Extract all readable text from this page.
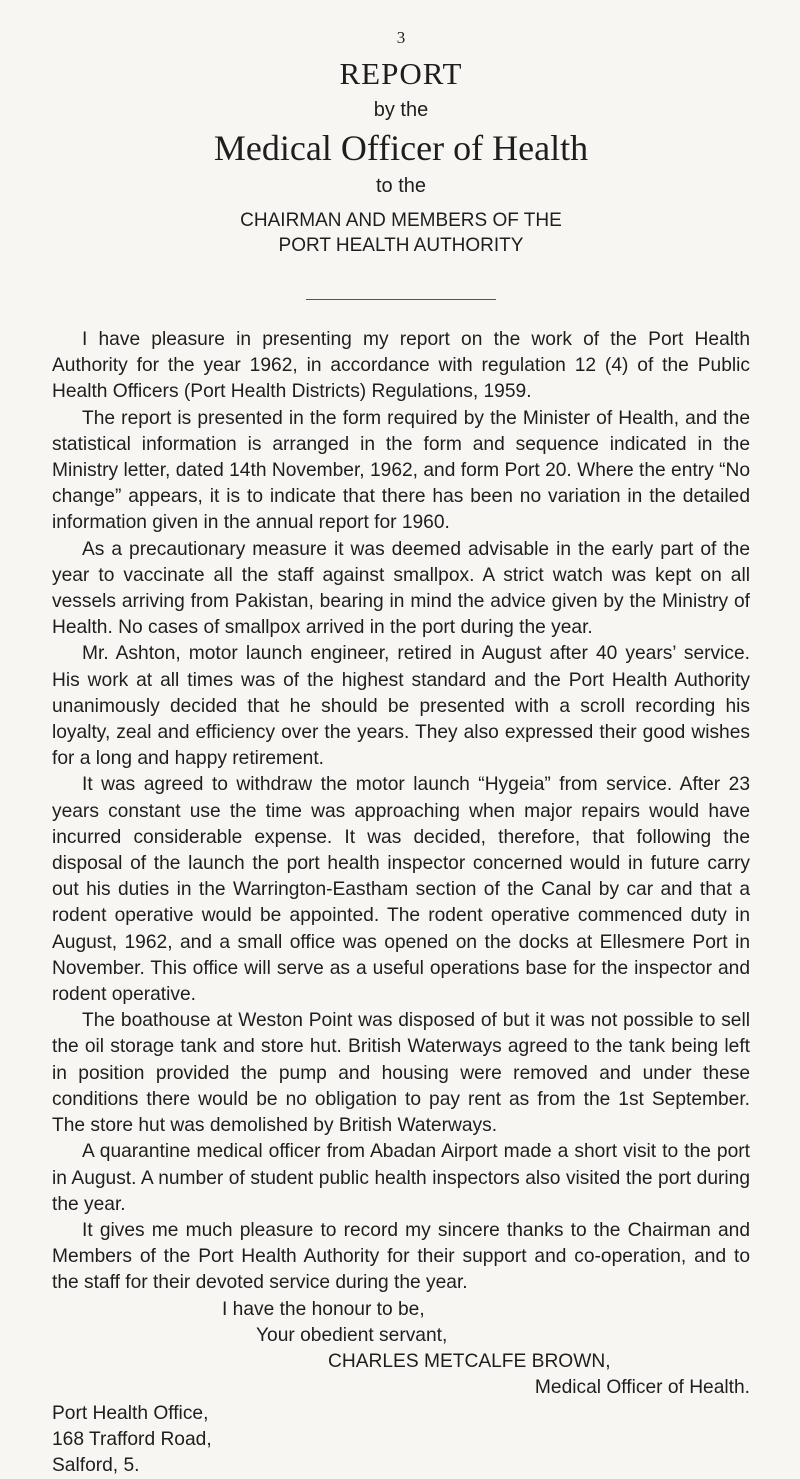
3
REPORT
by the
Medical Officer of Health
to the
CHAIRMAN AND MEMBERS OF THE
PORT HEALTH AUTHORITY

I have pleasure in presenting my report on the work of the Port Health Authority for the year 1962, in accordance with regulation 12 (4) of the Public Health Officers (Port Health Districts) Regulations, 1959.

The report is presented in the form required by the Minister of Health, and the statistical information is arranged in the form and sequence indicated in the Ministry letter, dated 14th November, 1962, and form Port 20. Where the entry “No change” appears, it is to indicate that there has been no variation in the detailed information given in the annual report for 1960.

As a precautionary measure it was deemed advisable in the early part of the year to vaccinate all the staff against smallpox. A strict watch was kept on all vessels arriving from Pakistan, bearing in mind the advice given by the Ministry of Health. No cases of smallpox arrived in the port during the year.

Mr. Ashton, motor launch engineer, retired in August after 40 years’ service. His work at all times was of the highest standard and the Port Health Authority unanimously decided that he should be presented with a scroll recording his loyalty, zeal and efficiency over the years. They also expressed their good wishes for a long and happy retirement.

It was agreed to withdraw the motor launch “Hygeia” from service. After 23 years constant use the time was approaching when major repairs would have incurred considerable expense. It was decided, therefore, that following the disposal of the launch the port health inspector concerned would in future carry out his duties in the Warrington-Eastham section of the Canal by car and that a rodent operative would be appointed. The rodent operative commenced duty in August, 1962, and a small office was opened on the docks at Ellesmere Port in November. This office will serve as a useful operations base for the inspector and rodent operative.

The boathouse at Weston Point was disposed of but it was not possible to sell the oil storage tank and store hut. British Waterways agreed to the tank being left in position provided the pump and housing were removed and under these conditions there would be no obligation to pay rent as from the 1st September. The store hut was demolished by British Waterways.

A quarantine medical officer from Abadan Airport made a short visit to the port in August. A number of student public health inspectors also visited the port during the year.

It gives me much pleasure to record my sincere thanks to the Chairman and Members of the Port Health Authority for their support and co-operation, and to the staff for their devoted service during the year.

I have the honour to be,
Your obedient servant,
CHARLES METCALFE BROWN,
Medical Officer of Health.
Port Health Office,
168 Trafford Road,
Salford, 5.
